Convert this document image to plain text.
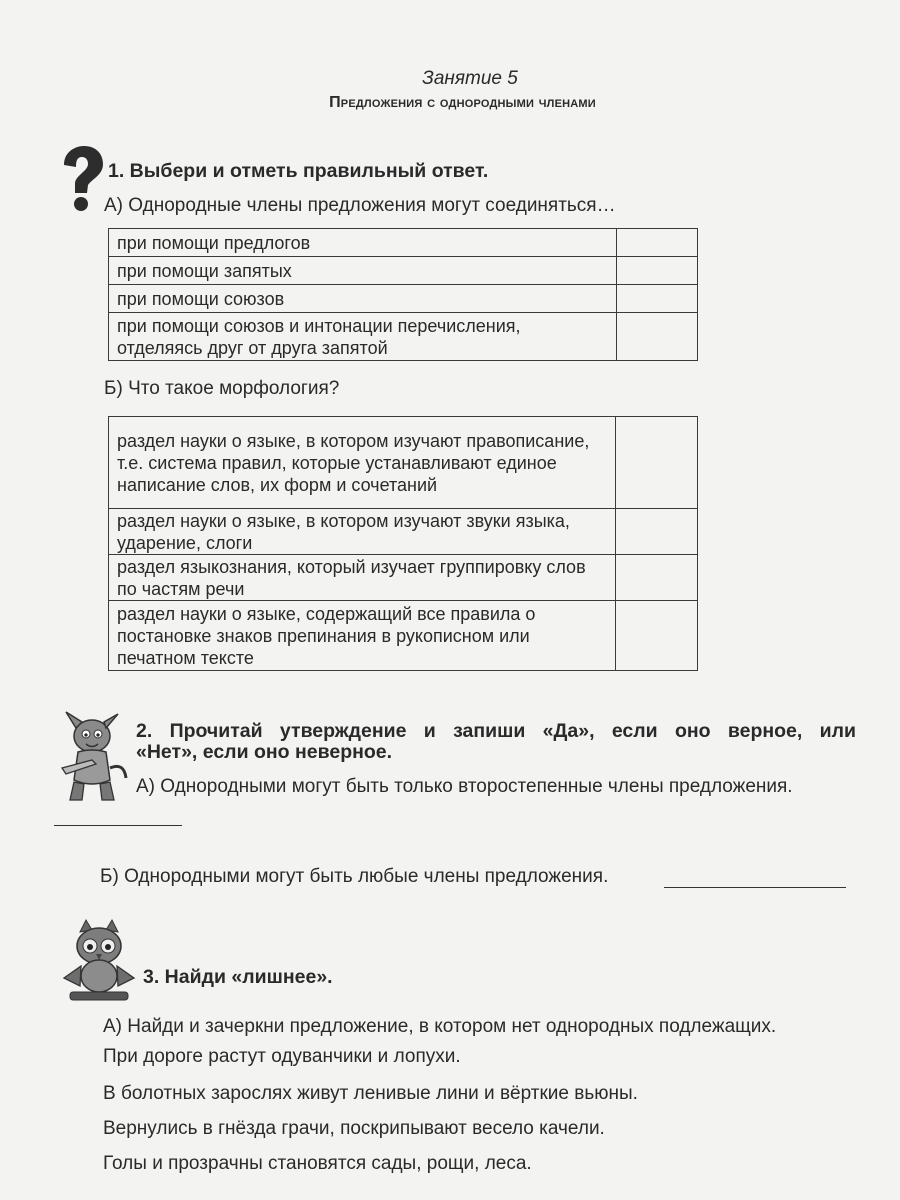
Занятие 5
Предложения с однородными членами
1. Выбери и отметь правильный ответ.
А) Однородные члены предложения могут соединяться…
при помощи предлогов	
при помощи запятых	
при помощи союзов	
при помощи союзов и интонации перечисления, отделяясь друг от друга запятой	
Б) Что такое морфология?
раздел науки о языке, в котором изучают правописание, т.е. система правил, которые устанавливают единое написание слов, их форм и сочетаний	
раздел науки о языке, в котором изучают звуки языка, ударение, слоги	
раздел языкознания, который изучает группировку слов по частям речи	
раздел науки о языке, содержащий все правила о постановке знаков препинания в рукописном или печатном тексте	
2. Прочитай утверждение и запиши «Да», если оно верное, или
«Нет», если оно неверное.
А) Однородными могут быть только второстепенные члены предложения.
Б) Однородными могут быть любые члены предложения.
3. Найди «лишнее».
А) Найди и зачеркни предложение, в котором нет однородных подлежащих.
При дороге растут одуванчики и лопухи.
В болотных зарослях живут ленивые лини и вёрткие вьюны.
Вернулись в гнёзда грачи, поскрипывают весело качели.
Голы и прозрачны становятся сады, рощи, леса.
